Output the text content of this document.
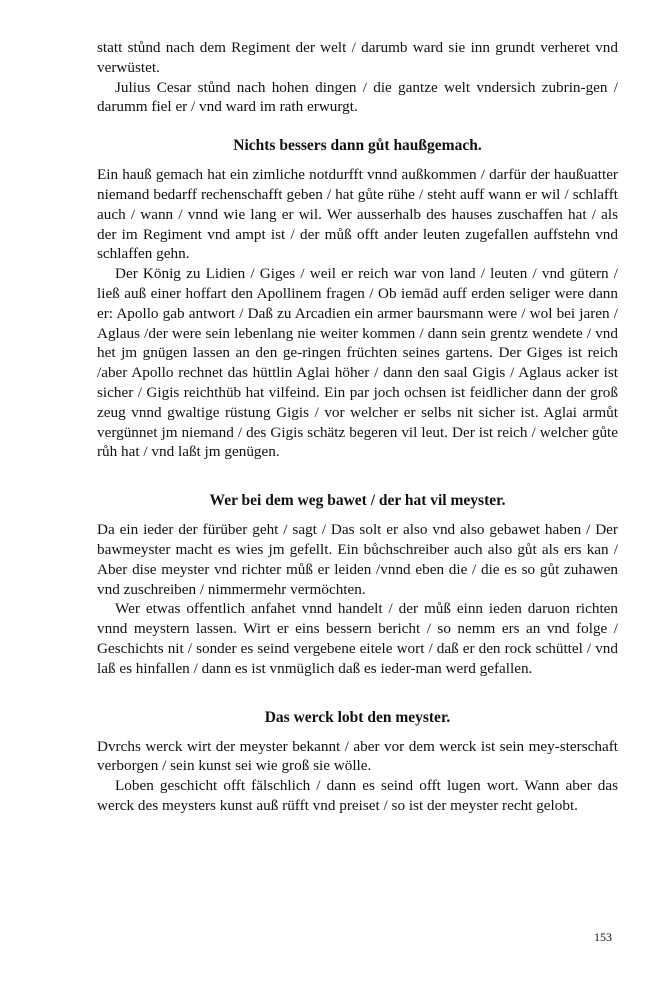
statt stůnd nach dem Regiment der welt / darumb ward sie inn grundt verheret vnd verwüstet.

Julius Cesar stůnd nach hohen dingen / die gantze welt vndersich zubrin-gen / darumm fiel er / vnd ward im rath erwurgt.

Nichts bessers dann gůt haußgemach.

Ein hauß gemach hat ein zimliche notdurfft vnnd außkommen / darfür der haußuatter niemand bedarff rechenschafft geben / hat gůte rühe / steht auff wann er wil / schlafft auch / wann / vnnd wie lang er wil. Wer ausserhalb des hauses zuschaffen hat / als der im Regiment vnd ampt ist / der můß offt ander leuten zugefallen auffstehn vnd schlaffen gehn.

Der König zu Lidien / Giges / weil er reich war von land / leuten / vnd gütern / ließ auß einer hoffart den Apollinem fragen / Ob iemād auff erden seliger were dann er: Apollo gab antwort / Daß zu Arcadien ein armer baursmann were / wol bei jaren / Aglaus /der were sein lebenlang nie weiter kommen / dann sein grentz wendete / vnd het jm gnügen lassen an den ge-ringen früchten seines gartens. Der Giges ist reich /aber Apollo rechnet das hüttlin Aglai höher / dann den saal Gigis / Aglaus acker ist sicher / Gigis reichthüb hat vilfeind. Ein par joch ochsen ist feidlicher dann der groß zeug vnnd gwaltige rüstung Gigis / vor welcher er selbs nit sicher ist. Aglai armůt vergünnet jm niemand / des Gigis schätz begeren vil leut. Der ist reich / welcher gůte růh hat / vnd laßt jm genügen.

Wer bei dem weg bawet / der hat vil meyster.

Da ein ieder der fürüber geht / sagt / Das solt er also vnd also gebawet haben / Der bawmeyster macht es wies jm gefellt. Ein bůchschreiber auch also gůt als ers kan / Aber dise meyster vnd richter můß er leiden /vnnd eben die / die es so gůt zuhawen vnd zuschreiben / nimmermehr vermöchten.

Wer etwas offentlich anfahet vnnd handelt / der můß einn ieden daruon richten vnnd meystern lassen. Wirt er eins bessern bericht / so nemm ers an vnd folge / Geschichts nit / sonder es seind vergebene eitele wort / daß er den rock schüttel / vnd laß es hinfallen / dann es ist vnmüglich daß es ieder-man werd gefallen.

Das werck lobt den meyster.

Dvrchs werck wirt der meyster bekannt / aber vor dem werck ist sein mey-sterschaft verborgen / sein kunst sei wie groß sie wölle.

Loben geschicht offt fälschlich / dann es seind offt lugen wort. Wann aber das werck des meysters kunst auß rüfft vnd preiset / so ist der meyster recht gelobt.

153
